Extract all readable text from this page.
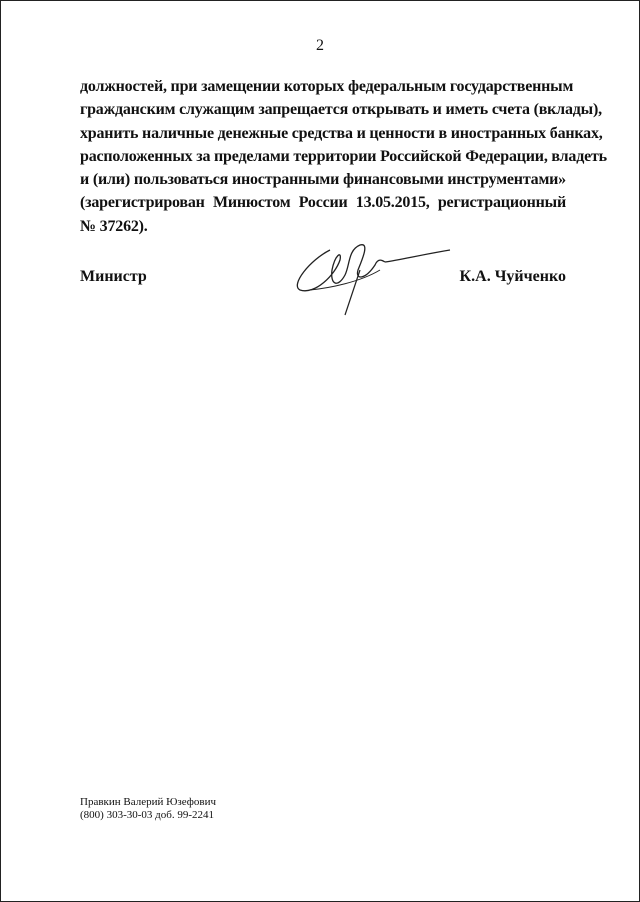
2
должностей, при замещении которых федеральным государственным
гражданским служащим запрещается открывать и иметь счета (вклады),
хранить наличные денежные средства и ценности в иностранных банках,
расположенных за пределами территории Российской Федерации, владеть
и (или) пользоваться иностранными финансовыми инструментами»
(зарегистрирован Минюстом России 13.05.2015, регистрационный
№ 37262).
Министр	К.А. Чуйченко
Правкин Валерий Юзефович
(800) 303-30-03 доб. 99-2241
